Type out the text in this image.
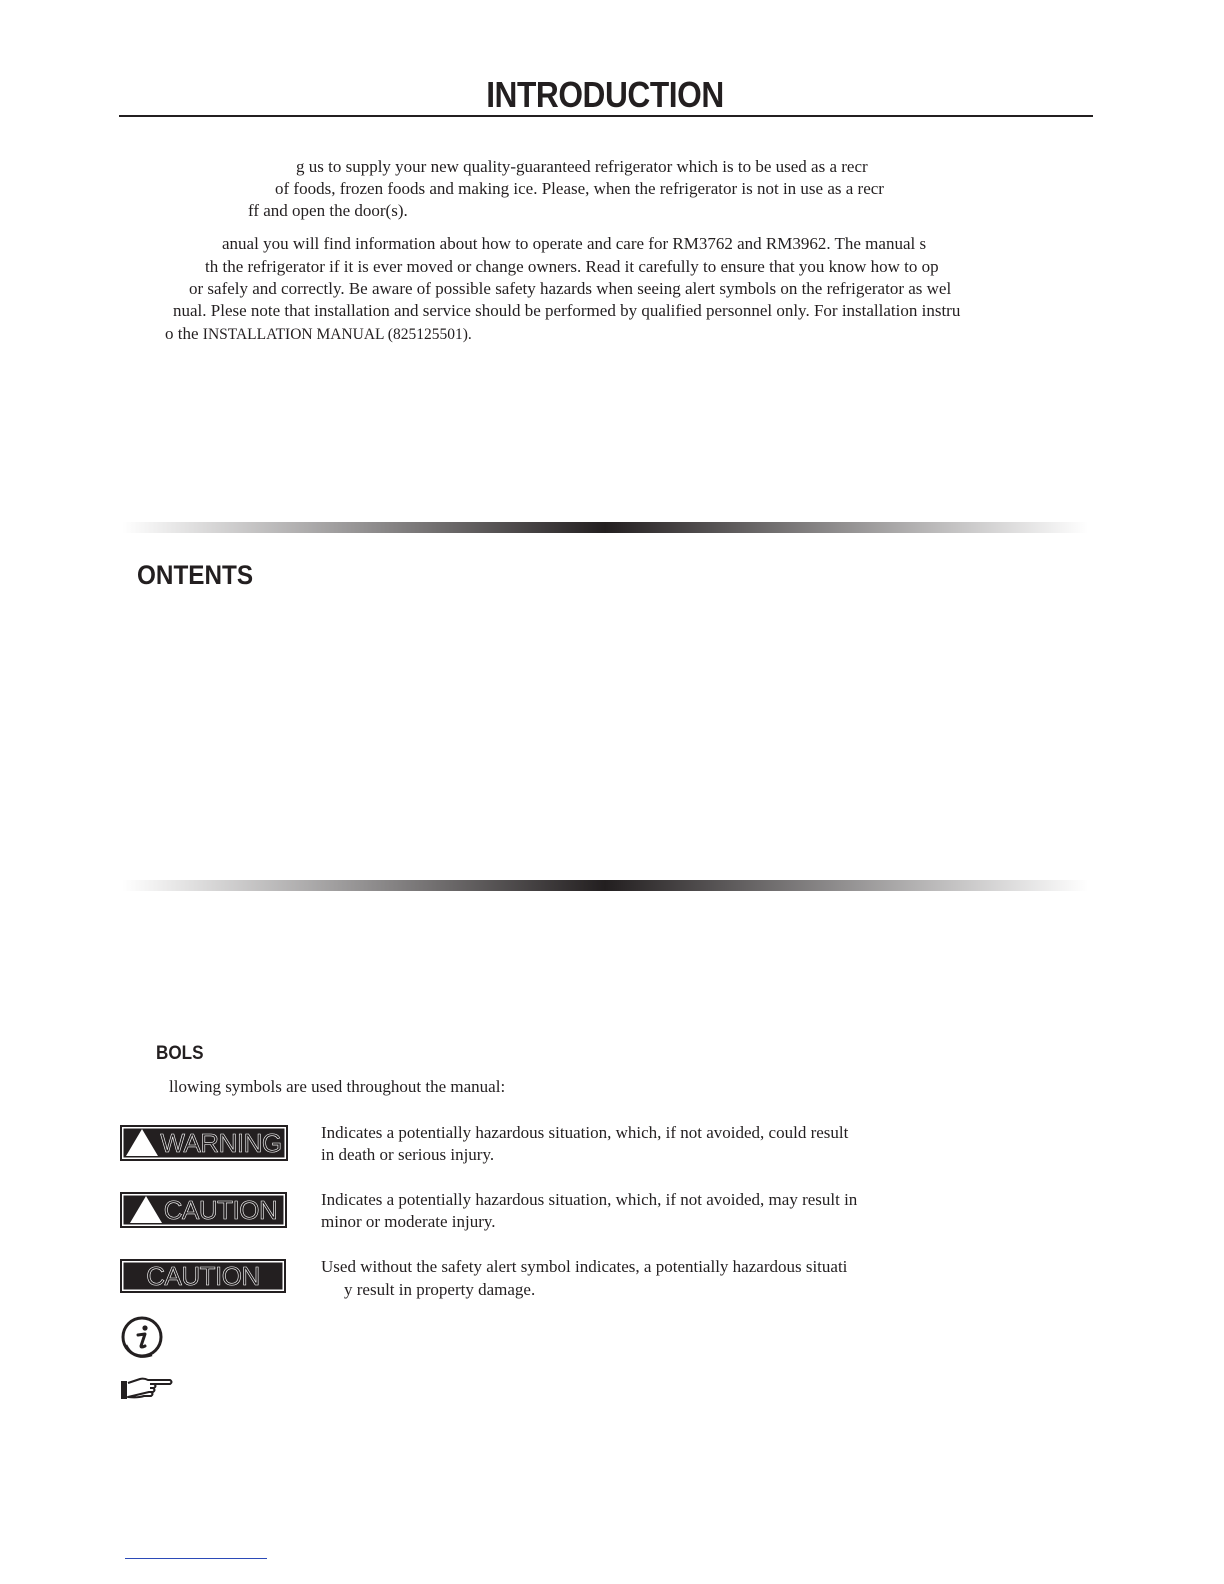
INTRODUCTION
g us to supply your new quality-guaranteed refrigerator which is to be used as a recr
of foods, frozen foods and making ice. Please, when the refrigerator is not in use as a recr
ff and open the door(s).
anual you will find information about how to operate and care for RM3762 and RM3962. The manual s
th the refrigerator if it is ever moved or change owners. Read it carefully to ensure that you know how to op
or safely and correctly. Be aware of possible safety hazards when seeing alert symbols on the refrigerator as wel
nual. Plese note that installation and service should be performed by qualified personnel only. For installation instru
o the INSTALLATION MANUAL (825125501).
ONTENTS
BOLS
llowing symbols are used throughout the manual:
WARNING Indicates a potentially hazardous situation, which, if not avoided, could result
in death or serious injury.
CAUTION	Indicates a potentially hazardous situation, which, if not avoided, may result in
minor or moderate injury.
CAUTION	Used without the safety alert symbol indicates, a potentially hazardous situati
y result in property damage.
